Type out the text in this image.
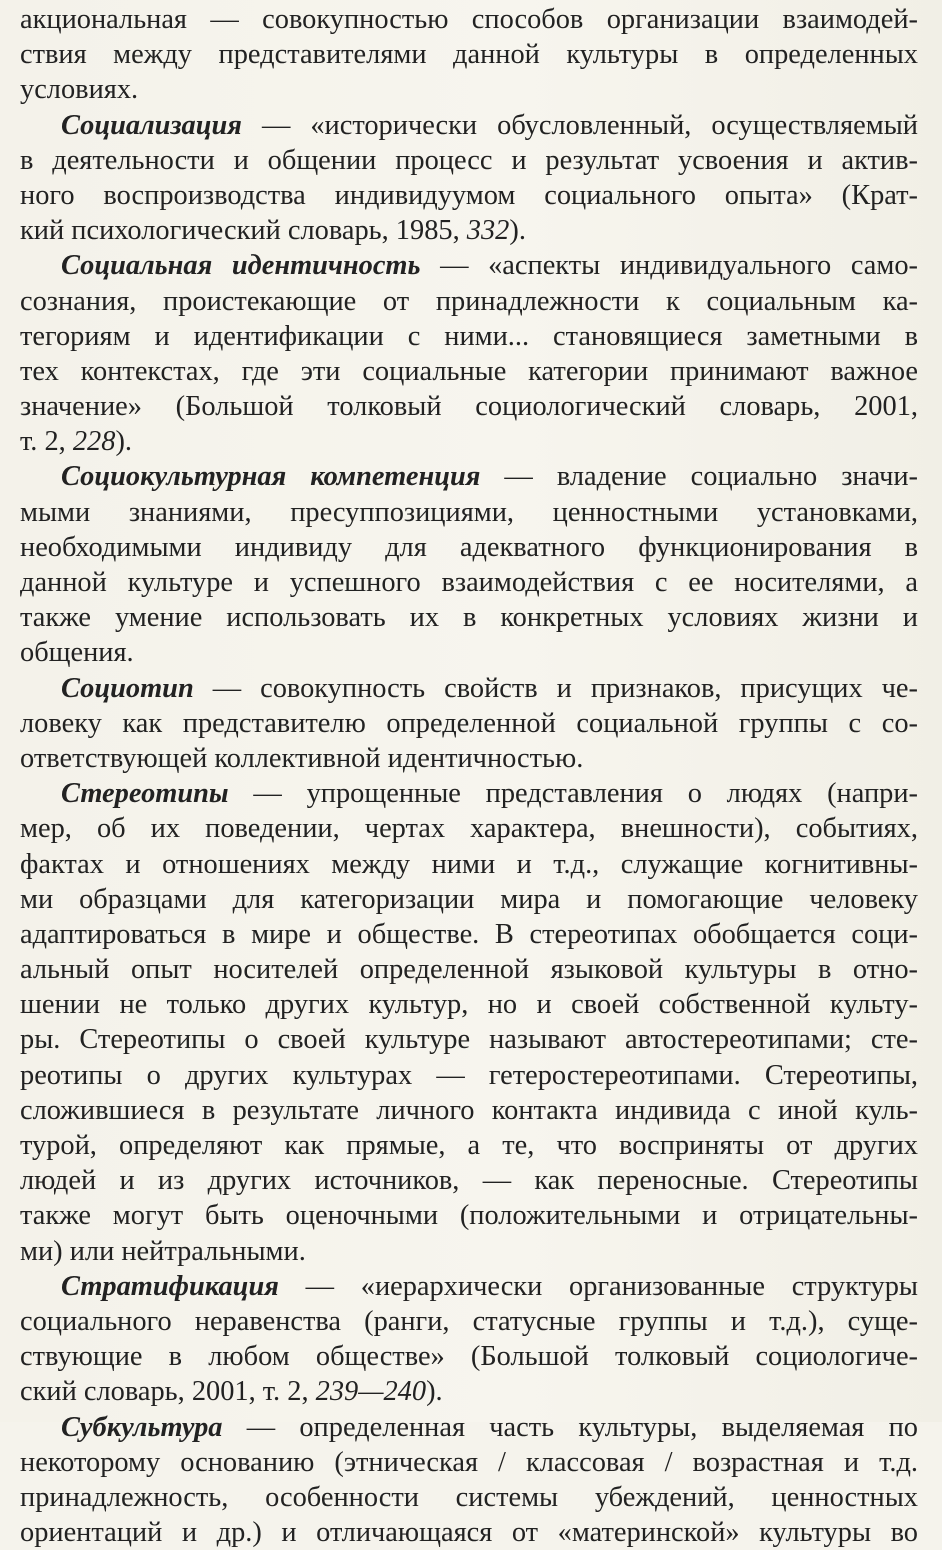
акциональная — совокупностью способов организации взаимодей-
ствия между представителями данной культуры в определенных
условиях.
Социализация — «исторически обусловленный, осуществляемый
в деятельности и общении процесс и результат усвоения и актив-
ного воспроизводства индивидуумом социального опыта» (Крат-
кий психологический словарь, 1985, 332).
Социальная идентичность — «аспекты индивидуального само-
сознания, проистекающие от принадлежности к социальным ка-
тегориям и идентификации с ними... становящиеся заметными в
тех контекстах, где эти социальные категории принимают важное
значение» (Большой толковый социологический словарь, 2001,
т. 2, 228).
Социокультурная компетенция — владение социально значи-
мыми знаниями, пресуппозициями, ценностными установками,
необходимыми индивиду для адекватного функционирования в
данной культуре и успешного взаимодействия с ее носителями, а
также умение использовать их в конкретных условиях жизни и
общения.
Социотип — совокупность свойств и признаков, присущих че-
ловеку как представителю определенной социальной группы с со-
ответствующей коллективной идентичностью.
Стереотипы — упрощенные представления о людях (напри-
мер, об их поведении, чертах характера, внешности), событиях,
фактах и отношениях между ними и т.д., служащие когнитивны-
ми образцами для категоризации мира и помогающие человеку
адаптироваться в мире и обществе. В стереотипах обобщается соци-
альный опыт носителей определенной языковой культуры в отно-
шении не только других культур, но и своей собственной культу-
ры. Стереотипы о своей культуре называют автостереотипами; сте-
реотипы о других культурах — гетеростереотипами. Стереотипы,
сложившиеся в результате личного контакта индивида с иной куль-
турой, определяют как прямые, а те, что восприняты от других
людей и из других источников, — как переносные. Стереотипы
также могут быть оценочными (положительными и отрицательны-
ми) или нейтральными.
Стратификация — «иерархически организованные структуры
социального неравенства (ранги, статусные группы и т.д.), суще-
ствующие в любом обществе» (Большой толковый социологиче-
ский словарь, 2001, т. 2, 239—240).
Субкультура — определенная часть культуры, выделяемая по
некоторому основанию (этническая / классовая / возрастная и т.д.
принадлежность, особенности системы убеждений, ценностных
ориентаций и др.) и отличающаяся от «материнской» культуры во
